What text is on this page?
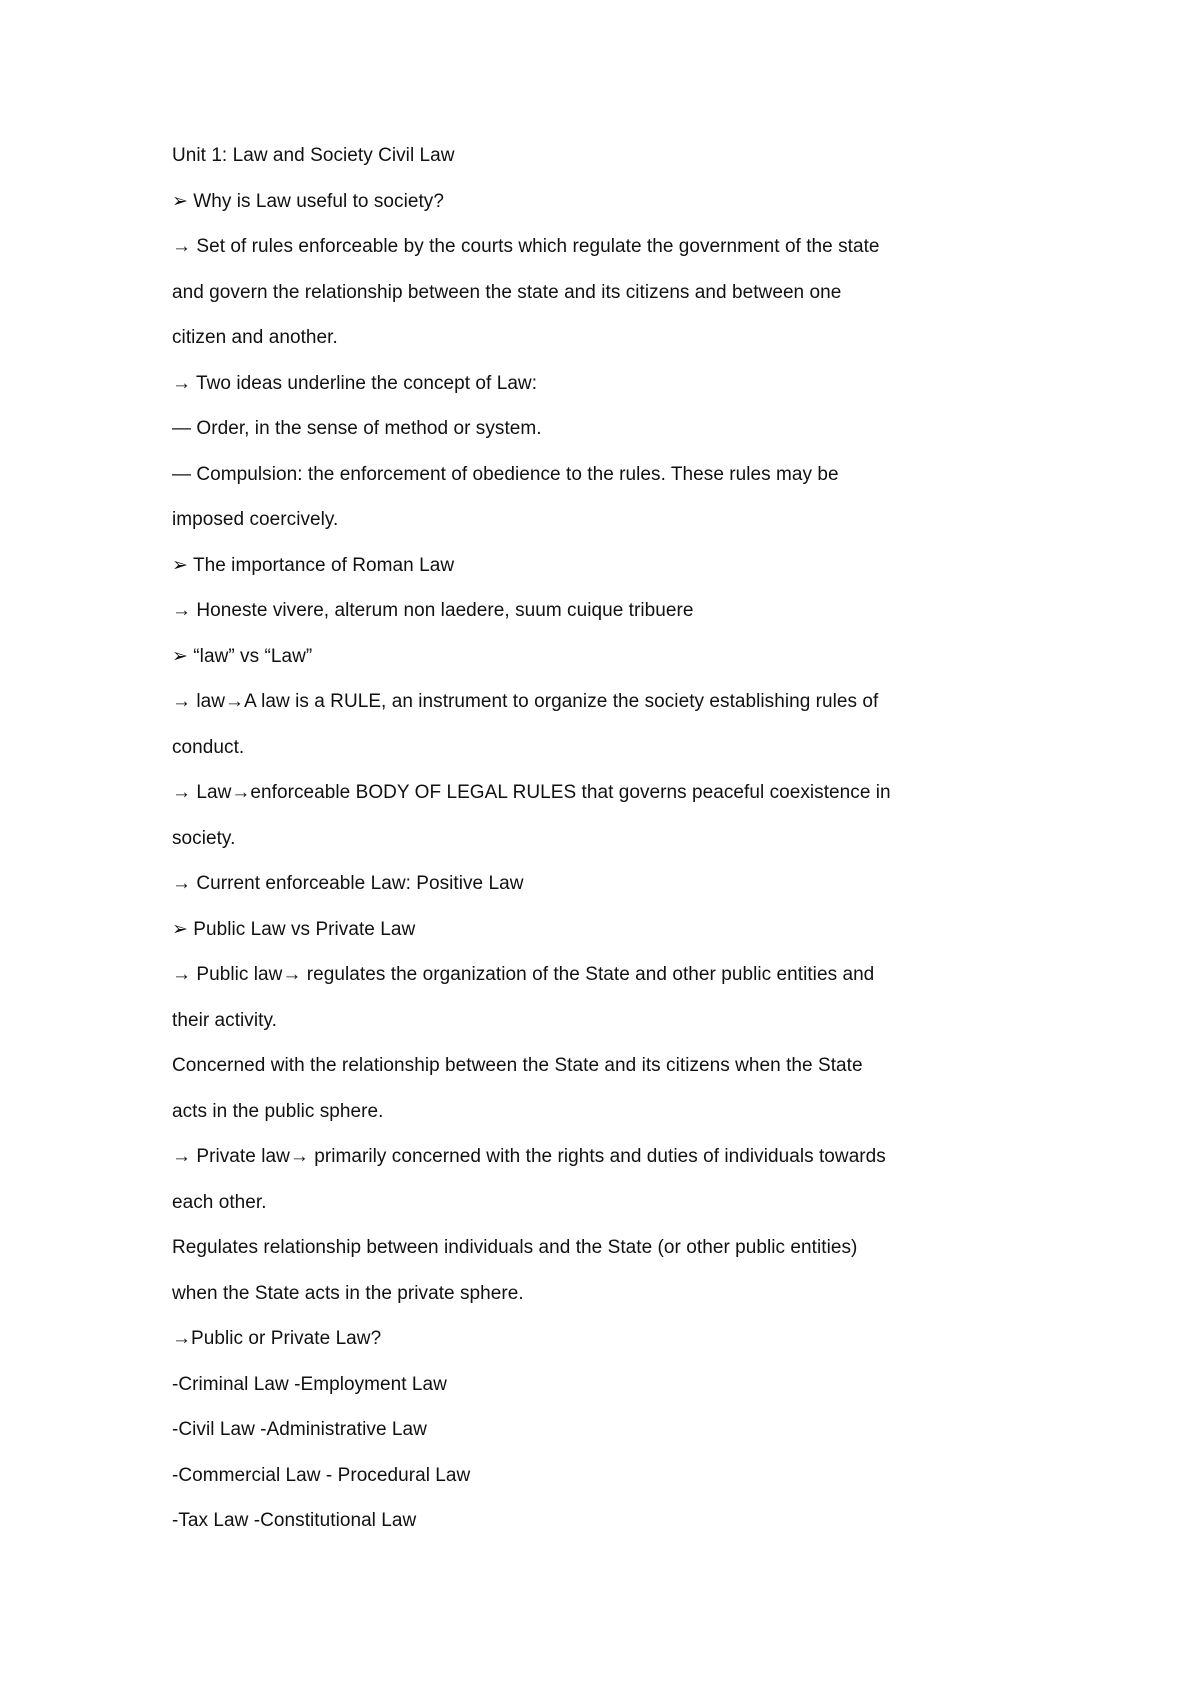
Unit 1: Law and Society Civil Law
➢ Why is Law useful to society?
→ Set of rules enforceable by the courts which regulate the government of the state
and govern the relationship between the state and its citizens and between one
citizen and another.
→ Two ideas underline the concept of Law:
— Order, in the sense of method or system.
— Compulsion: the enforcement of obedience to the rules. These rules may be
imposed coercively.
➢ The importance of Roman Law
→ Honeste vivere, alterum non laedere, suum cuique tribuere
➢ “law” vs “Law”
→ law→A law is a RULE, an instrument to organize the society establishing rules of
conduct.
→ Law→enforceable BODY OF LEGAL RULES that governs peaceful coexistence in
society.
→ Current enforceable Law: Positive Law
➢ Public Law vs Private Law
→ Public law→ regulates the organization of the State and other public entities and
their activity.
Concerned with the relationship between the State and its citizens when the State
acts in the public sphere.
→ Private law→ primarily concerned with the rights and duties of individuals towards
each other.
Regulates relationship between individuals and the State (or other public entities)
when the State acts in the private sphere.
→Public or Private Law?
-Criminal Law -Employment Law
-Civil Law -Administrative Law
-Commercial Law - Procedural Law
-Tax Law -Constitutional Law
